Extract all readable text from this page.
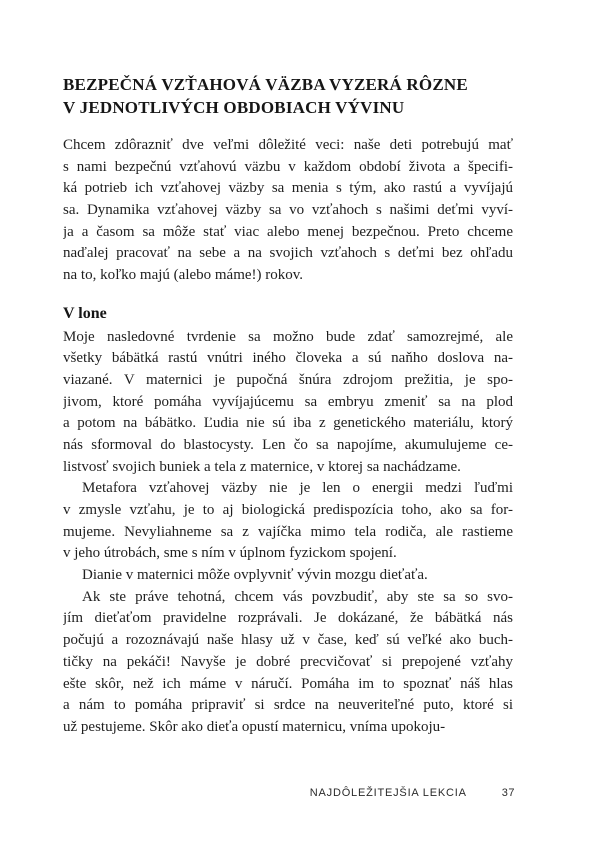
BEZPEČNÁ VZŤAHOVÁ VÄZBA VYZERÁ RÔZNE
V JEDNOTLIVÝCH OBDOBIACH VÝVINU
Chcem zdôrazniť dve veľmi dôležité veci: naše deti potrebujú mať
s nami bezpečnú vzťahovú väzbu v každom období života a špecifi-
ká potrieb ich vzťahovej väzby sa menia s tým, ako rastú a vyvíjajú
sa. Dynamika vzťahovej väzby sa vo vzťahoch s našimi deťmi vyví-
ja a časom sa môže stať viac alebo menej bezpečnou. Preto chceme
naďalej pracovať na sebe a na svojich vzťahoch s deťmi bez ohľadu
na to, koľko majú (alebo máme!) rokov.
V lone
Moje nasledovné tvrdenie sa možno bude zdať samozrejmé, ale
všetky bábätká rastú vnútri iného človeka a sú naňho doslova na-
viazané. V maternici je pupočná šnúra zdrojom prežitia, je spo-
jivom, ktoré pomáha vyvíjajúcemu sa embryu zmeniť sa na plod
a potom na bábätko. Ľudia nie sú iba z genetického materiálu, ktorý
nás sformoval do blastocysty. Len čo sa napojíme, akumulujeme ce-
listvosť svojich buniek a tela z maternice, v ktorej sa nachádzame.
Metafora vzťahovej väzby nie je len o energii medzi ľuďmi
v zmysle vzťahu, je to aj biologická predispozícia toho, ako sa for-
mujeme. Nevyliahneme sa z vajíčka mimo tela rodiča, ale rastieme
v jeho útrobách, sme s ním v úplnom fyzickom spojení.
Dianie v maternici môže ovplyvniť vývin mozgu dieťaťa.
Ak ste práve tehotná, chcem vás povzbudiť, aby ste sa so svo-
jím dieťaťom pravidelne rozprávali. Je dokázané, že bábätká nás
počujú a rozoznávajú naše hlasy už v čase, keď sú veľké ako buch-
tičky na pekáči! Navyše je dobré precvičovať si prepojené vzťahy
ešte skôr, než ich máme v náručí. Pomáha im to spoznať náš hlas
a nám to pomáha pripraviť si srdce na neuveriteľné puto, ktoré si
už pestujeme. Skôr ako dieťa opustí maternicu, vníma upokoju-
NAJDÔLEŽITEJŠIA LEKCIA	37
